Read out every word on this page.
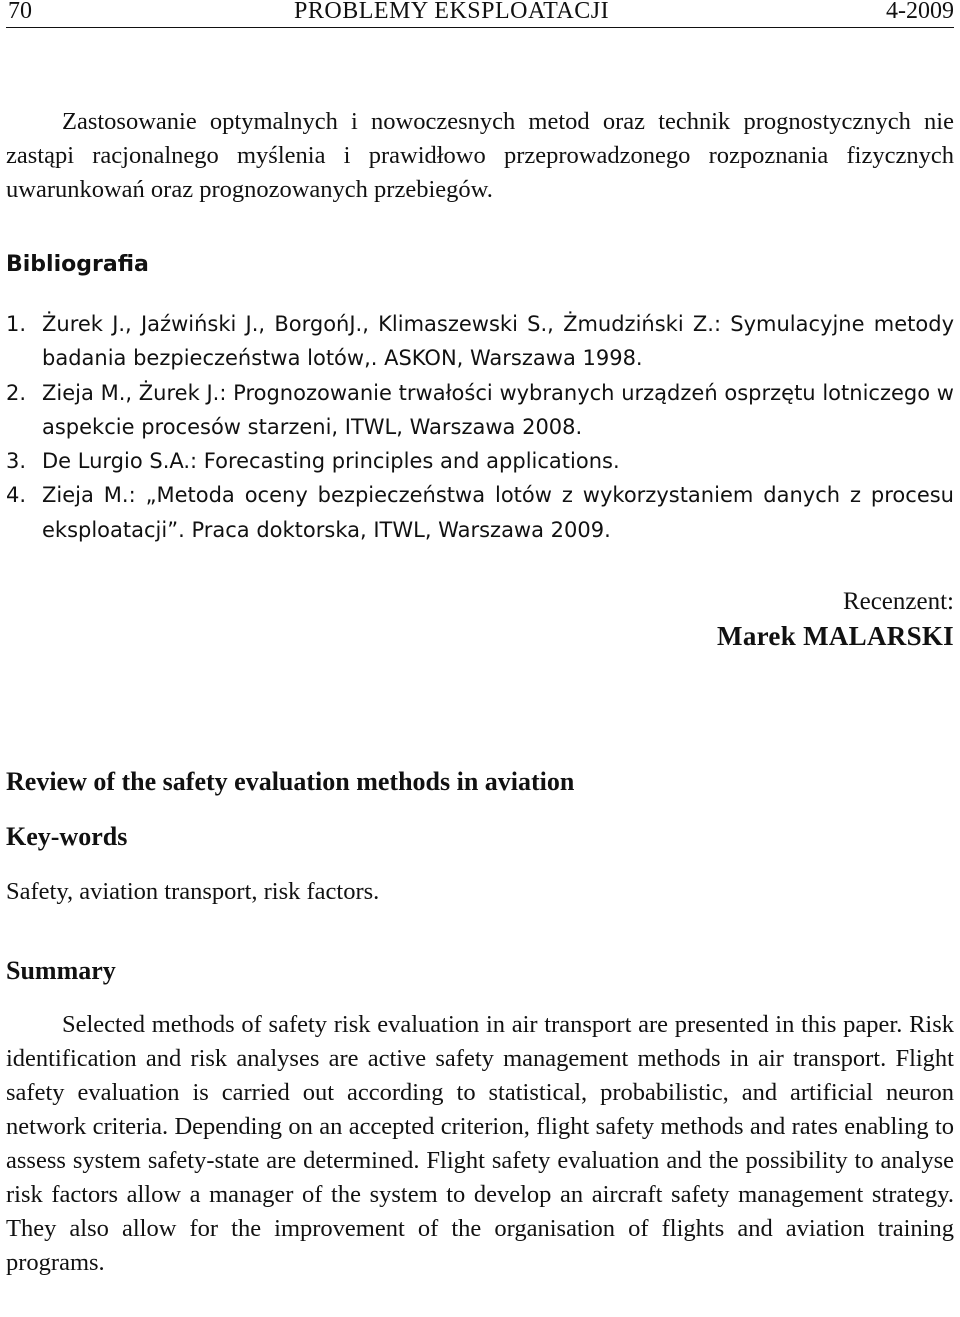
70	PROBLEMY EKSPLOATACJI	4-2009

Zastosowanie optymalnych i nowoczesnych metod oraz technik prognostycznych nie zastąpi racjonalnego myślenia i prawidłowo przeprowadzonego rozpoznania fizycznych uwarunkowań oraz prognozowanych przebiegów.

Bibliografia
1. Żurek J., Jaźwiński J., BorgońJ., Klimaszewski S., Żmudziński Z.: Symulacyjne metody badania bezpieczeństwa lotów,. ASKON, Warszawa 1998.
2. Zieja M., Żurek J.: Prognozowanie trwałości wybranych urządzeń osprzętu lotniczego w aspekcie procesów starzeni, ITWL, Warszawa 2008.
3. De Lurgio S.A.: Forecasting principles and applications.
4. Zieja M.: „Metoda oceny bezpieczeństwa lotów z wykorzystaniem danych z procesu eksploatacji”. Praca doktorska, ITWL, Warszawa 2009.

Recenzent:

Marek MALARSKI

Review of the safety evaluation methods in aviation
Key-words

Safety, aviation transport, risk factors.

Summary

Selected methods of safety risk evaluation in air transport are presented in this paper. Risk identification and risk analyses are active safety management methods in air transport. Flight safety evaluation is carried out according to statistical, probabilistic, and artificial neuron network criteria. Depending on an accepted criterion, flight safety methods and rates enabling to assess system safety-state are determined. Flight safety evaluation and the possibility to analyse risk factors allow a manager of the system to develop an aircraft safety management strategy. They also allow for the improvement of the organisation of flights and aviation training programs.
